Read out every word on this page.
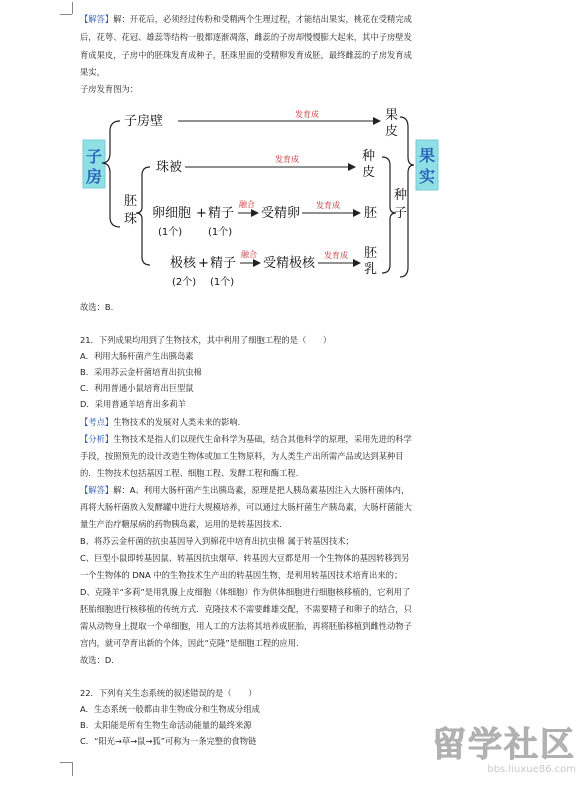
【解答】解：开花后，必须经过传粉和受精两个生理过程，才能结出果实，桃花在受精完成
后，花萼、花冠、雄蕊等结构一般都逐渐凋落，雌蕊的子房却慢慢膨大起来，其中子房壁发
育成果皮，子房中的胚珠发育成种子，胚珠里面的受精卵发育成胚，最终雌蕊的子房发育成
果实，
子房发育图为：
子
房
果
实
子房壁	发育成	果
皮
胚
珠
珠被
发育成	种
皮
卵细胞 + 精子
(1个)	(1个)
融合
受精卵
发育成
胚
极核 + 精子
(2个) (1个)
融合
受精极核
发育成 胚
乳
种
子
故选：B.
21．下列成果均用到了生物技术，其中利用了细胞工程的是（　　）
A．利用大肠杆菌产生出胰岛素
B．采用苏云金杆菌培育出抗虫棉
C．利用普通小鼠培育出巨型鼠
D．采用普通羊培育出多莉羊
【考点】生物技术的发展对人类未来的影响.
【分析】生物技术是指人们以现代生命科学为基础，结合其他科学的原理，采用先进的科学
手段，按照预先的设计改造生物体或加工生物原料，为人类生产出所需产品或达到某种目
的．生物技术包括基因工程、细胞工程、发酵工程和酶工程.
【解答】解：A、利用大肠杆菌产生出胰岛素，原理是把人胰岛素基因注入大肠杆菌体内，
再将大肠杆菌放入发酵罐中进行大规模培养，可以通过大肠杆菌生产胰岛素，大肠杆菌能大
量生产治疗糖尿病的药物胰岛素，运用的是转基因技术.
B、将苏云金杆菌的抗虫基因导入到棉花中培育出抗虫棉 属于转基因技术；
C、巨型小鼠即转基因鼠、转基因抗虫烟草、转基因大豆都是用一个生物体的基因转移到另
一个生物体的 DNA 中的生物技术生产出的转基因生物，是利用转基因技术培育出来的；
D、克隆羊“多莉”是用乳腺上皮细胞（体细胞）作为供体细胞进行细胞核移植的，它利用了
胚胎细胞进行核移植的传统方式．克隆技术不需要雌雄交配，不需要精子和卵子的结合，只
需从动物身上提取一个单细胞，用人工的方法将其培养成胚胎，再将胚胎移植到雌性动物子
宫内，就可孕育出新的个体，因此“克隆”是细胞工程的应用．
故选：D.
22．下列有关生态系统的叙述错误的是（　　）
A．生态系统一般都由非生物成分和生物成分组成
B．太阳能是所有生物生命活动能量的最终来源
C．“阳光→草→鼠→狐”可称为一条完整的食物链	留学社区
bbs.liuxue86.com
